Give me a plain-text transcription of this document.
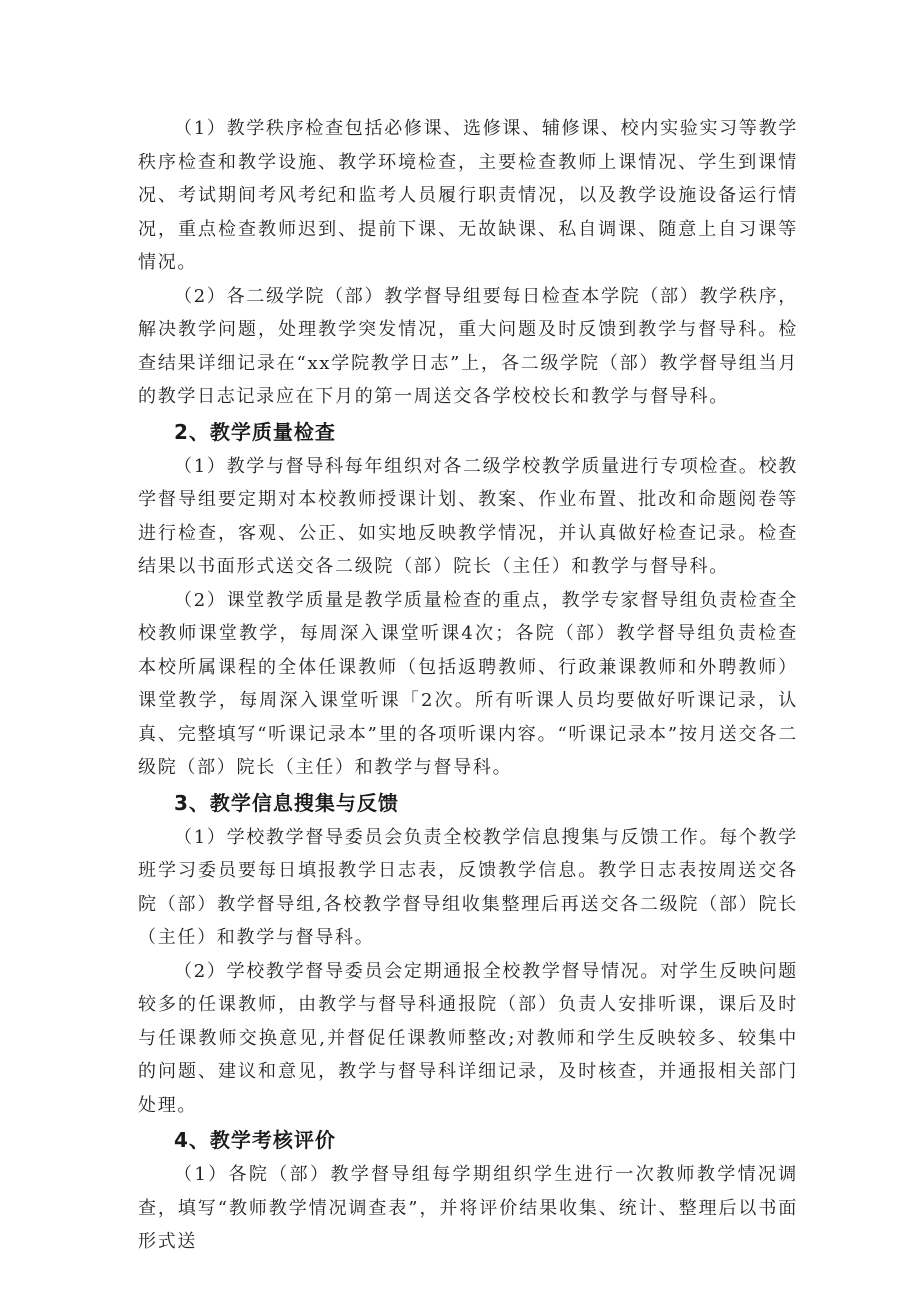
（1）教学秩序检查包括必修课、选修课、辅修课、校内实验实习等教学秩序检查和教学设施、教学环境检查，主要检查教师上课情况、学生到课情况、考试期间考风考纪和监考人员履行职责情况，以及教学设施设备运行情况，重点检查教师迟到、提前下课、无故缺课、私自调课、随意上自习课等情况。

（2）各二级学院（部）教学督导组要每日检查本学院（部）教学秩序，解决教学问题，处理教学突发情况，重大问题及时反馈到教学与督导科。检查结果详细记录在“xx学院教学日志”上，各二级学院（部）教学督导组当月的教学日志记录应在下月的第一周送交各学校校长和教学与督导科。

2、教学质量检查

（1）教学与督导科每年组织对各二级学校教学质量进行专项检查。校教学督导组要定期对本校教师授课计划、教案、作业布置、批改和命题阅卷等进行检查，客观、公正、如实地反映教学情况，并认真做好检查记录。检查结果以书面形式送交各二级院（部）院长（主任）和教学与督导科。

（2）课堂教学质量是教学质量检查的重点，教学专家督导组负责检查全校教师课堂教学，每周深入课堂听课4次；各院（部）教学督导组负责检查本校所属课程的全体任课教师（包括返聘教师、行政兼课教师和外聘教师）课堂教学，每周深入课堂听课「2次。所有听课人员均要做好听课记录，认真、完整填写“听课记录本”里的各项听课内容。“听课记录本”按月送交各二级院（部）院长（主任）和教学与督导科。

3、教学信息搜集与反馈

（1）学校教学督导委员会负责全校教学信息搜集与反馈工作。每个教学班学习委员要每日填报教学日志表，反馈教学信息。教学日志表按周送交各院（部）教学督导组,各校教学督导组收集整理后再送交各二级院（部）院长（主任）和教学与督导科。

（2）学校教学督导委员会定期通报全校教学督导情况。对学生反映问题较多的任课教师，由教学与督导科通报院（部）负责人安排听课，课后及时与任课教师交换意见,并督促任课教师整改;对教师和学生反映较多、较集中的问题、建议和意见，教学与督导科详细记录，及时核查，并通报相关部门处理。

4、教学考核评价

（1）各院（部）教学督导组每学期组织学生进行一次教师教学情况调查，填写“教师教学情况调查表”，并将评价结果收集、统计、整理后以书面形式送
